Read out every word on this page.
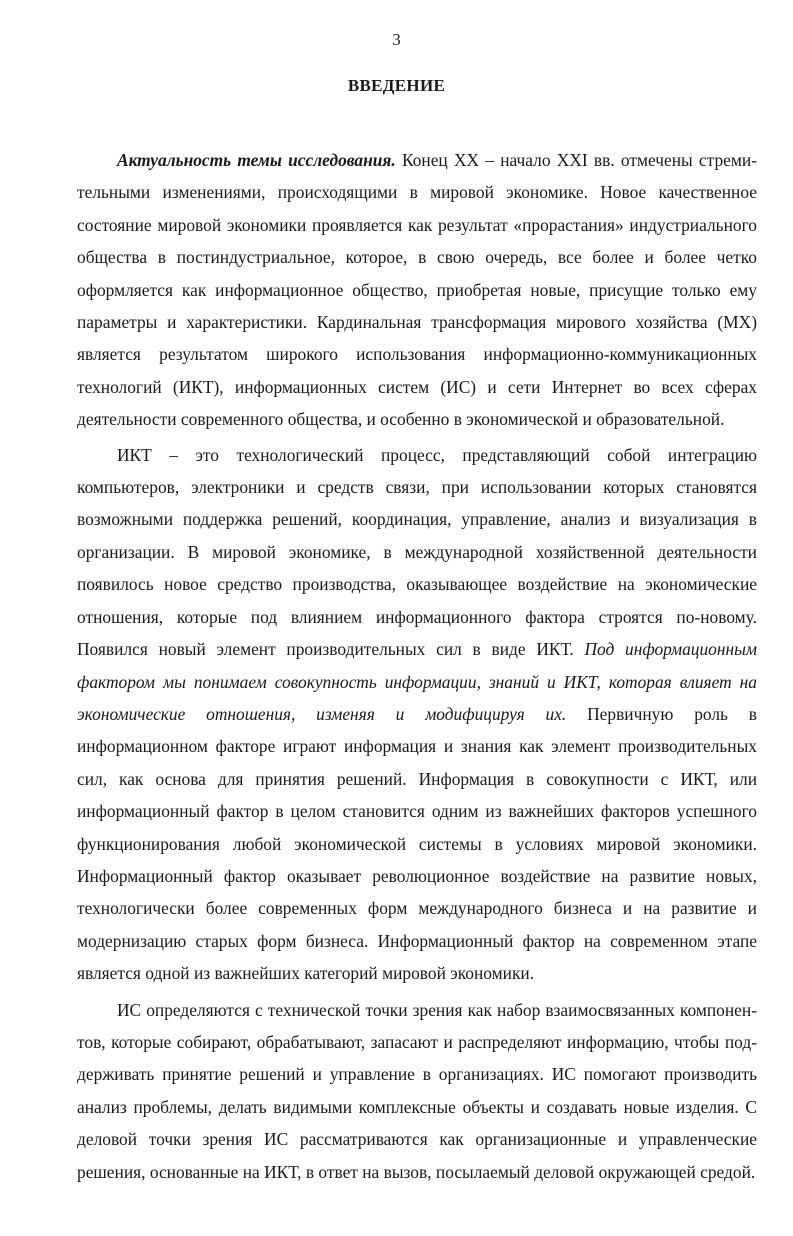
3
ВВЕДЕНИЕ

Актуальность темы исследования. Конец XX – начало XXI вв. отмечены стремительными изменениями, происходящими в мировой экономике. Новое качественное состояние мировой экономики проявляется как результат «прорастания» индустриального общества в постиндустриальное, которое, в свою очередь, все более и более четко оформляется как информационное общество, приобретая новые, присущие только ему параметры и характеристики. Кардинальная трансформация мирового хозяйства (МХ) является результатом широкого использования информационно-коммуникационных технологий (ИКТ), информационных систем (ИС) и сети Интернет во всех сферах деятельности современного общества, и особенно в экономической и образовательной.

ИКТ – это технологический процесс, представляющий собой интеграцию компьютеров, электроники и средств связи, при использовании которых становятся возможными поддержка решений, координация, управление, анализ и визуализация в организации. В мировой экономике, в международной хозяйственной деятельности появилось новое средство производства, оказывающее воздействие на экономические отношения, которые под влиянием информационного фактора строятся по-новому. Появился новый элемент производительных сил в виде ИКТ. Под информационным фактором мы понимаем совокупность информации, знаний и ИКТ, которая влияет на экономические отношения, изменяя и модифицируя их. Первичную роль в информационном факторе играют информация и знания как элемент производительных сил, как основа для принятия решений. Информация в совокупности с ИКТ, или информационный фактор в целом становится одним из важнейших факторов успешного функционирования любой экономической системы в условиях мировой экономики. Информационный фактор оказывает революционное воздействие на развитие новых, технологически более современных форм международного бизнеса и на развитие и модернизацию старых форм бизнеса. Информационный фактор на современном этапе является одной из важнейших категорий мировой экономики.

ИС определяются с технической точки зрения как набор взаимосвязанных компонентов, которые собирают, обрабатывают, запасают и распределяют информацию, чтобы поддерживать принятие решений и управление в организациях. ИС помогают производить анализ проблемы, делать видимыми комплексные объекты и создавать новые изделия. С деловой точки зрения ИС рассматриваются как организационные и управленческие решения, основанные на ИКТ, в ответ на вызов, посылаемый деловой окружающей средой.
